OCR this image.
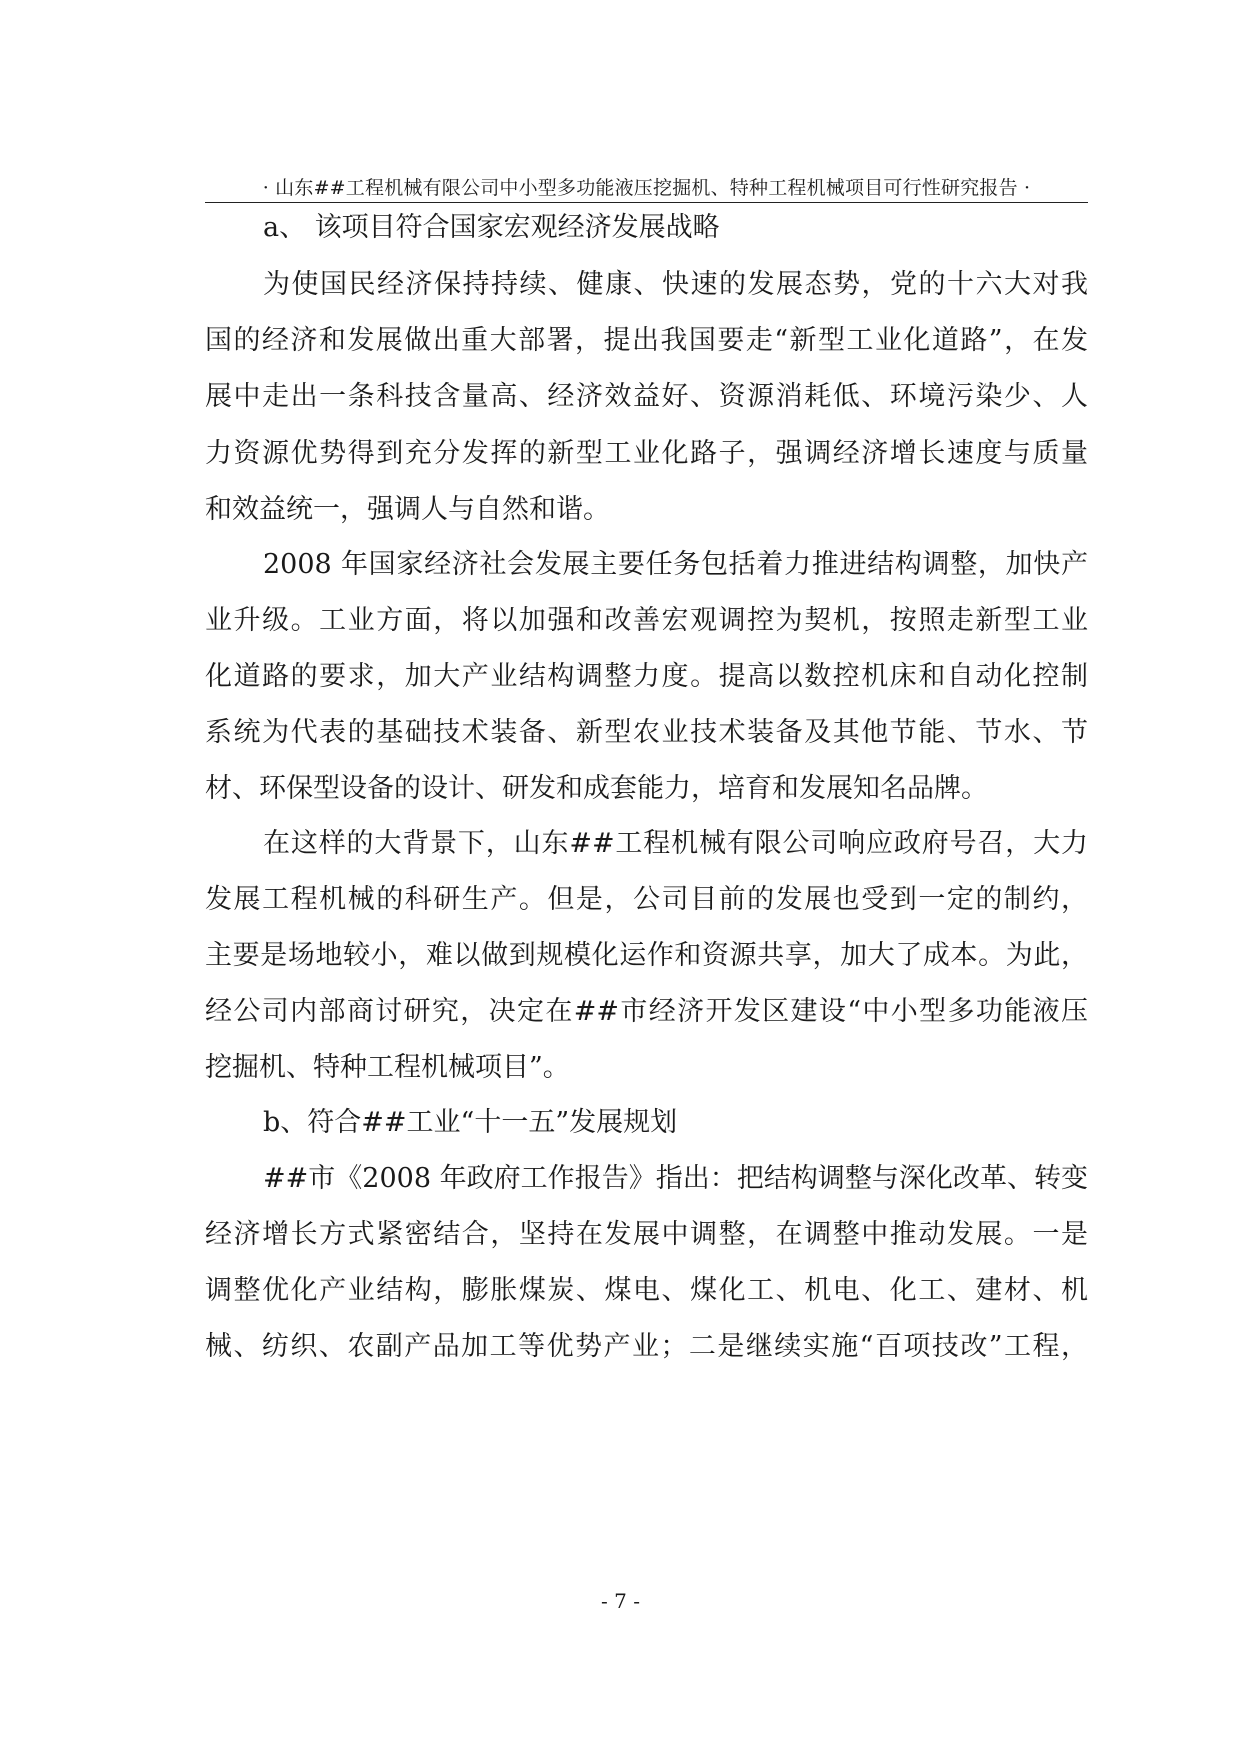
· 山东##工程机械有限公司中小型多功能液压挖掘机、特种工程机械项目可行性研究报告 ·
a、 该项目符合国家宏观经济发展战略
为使国民经济保持持续、健康、快速的发展态势，党的十六大对我
国的经济和发展做出重大部署，提出我国要走“新型工业化道路”，在发
展中走出一条科技含量高、经济效益好、资源消耗低、环境污染少、人
力资源优势得到充分发挥的新型工业化路子，强调经济增长速度与质量
和效益统一，强调人与自然和谐。
2008 年国家经济社会发展主要任务包括着力推进结构调整，加快产
业升级。工业方面，将以加强和改善宏观调控为契机，按照走新型工业
化道路的要求，加大产业结构调整力度。提高以数控机床和自动化控制
系统为代表的基础技术装备、新型农业技术装备及其他节能、节水、节
材、环保型设备的设计、研发和成套能力，培育和发展知名品牌。
在这样的大背景下，山东##工程机械有限公司响应政府号召，大力
发展工程机械的科研生产。但是，公司目前的发展也受到一定的制约，
主要是场地较小，难以做到规模化运作和资源共享，加大了成本。为此，
经公司内部商讨研究，决定在##市经济开发区建设“中小型多功能液压
挖掘机、特种工程机械项目”。
b、符合##工业“十一五”发展规划
##市《2008 年政府工作报告》指出：把结构调整与深化改革、转变
经济增长方式紧密结合，坚持在发展中调整，在调整中推动发展。一是
调整优化产业结构，膨胀煤炭、煤电、煤化工、机电、化工、建材、机
械、纺织、农副产品加工等优势产业；二是继续实施“百项技改”工程，
- 7 -
